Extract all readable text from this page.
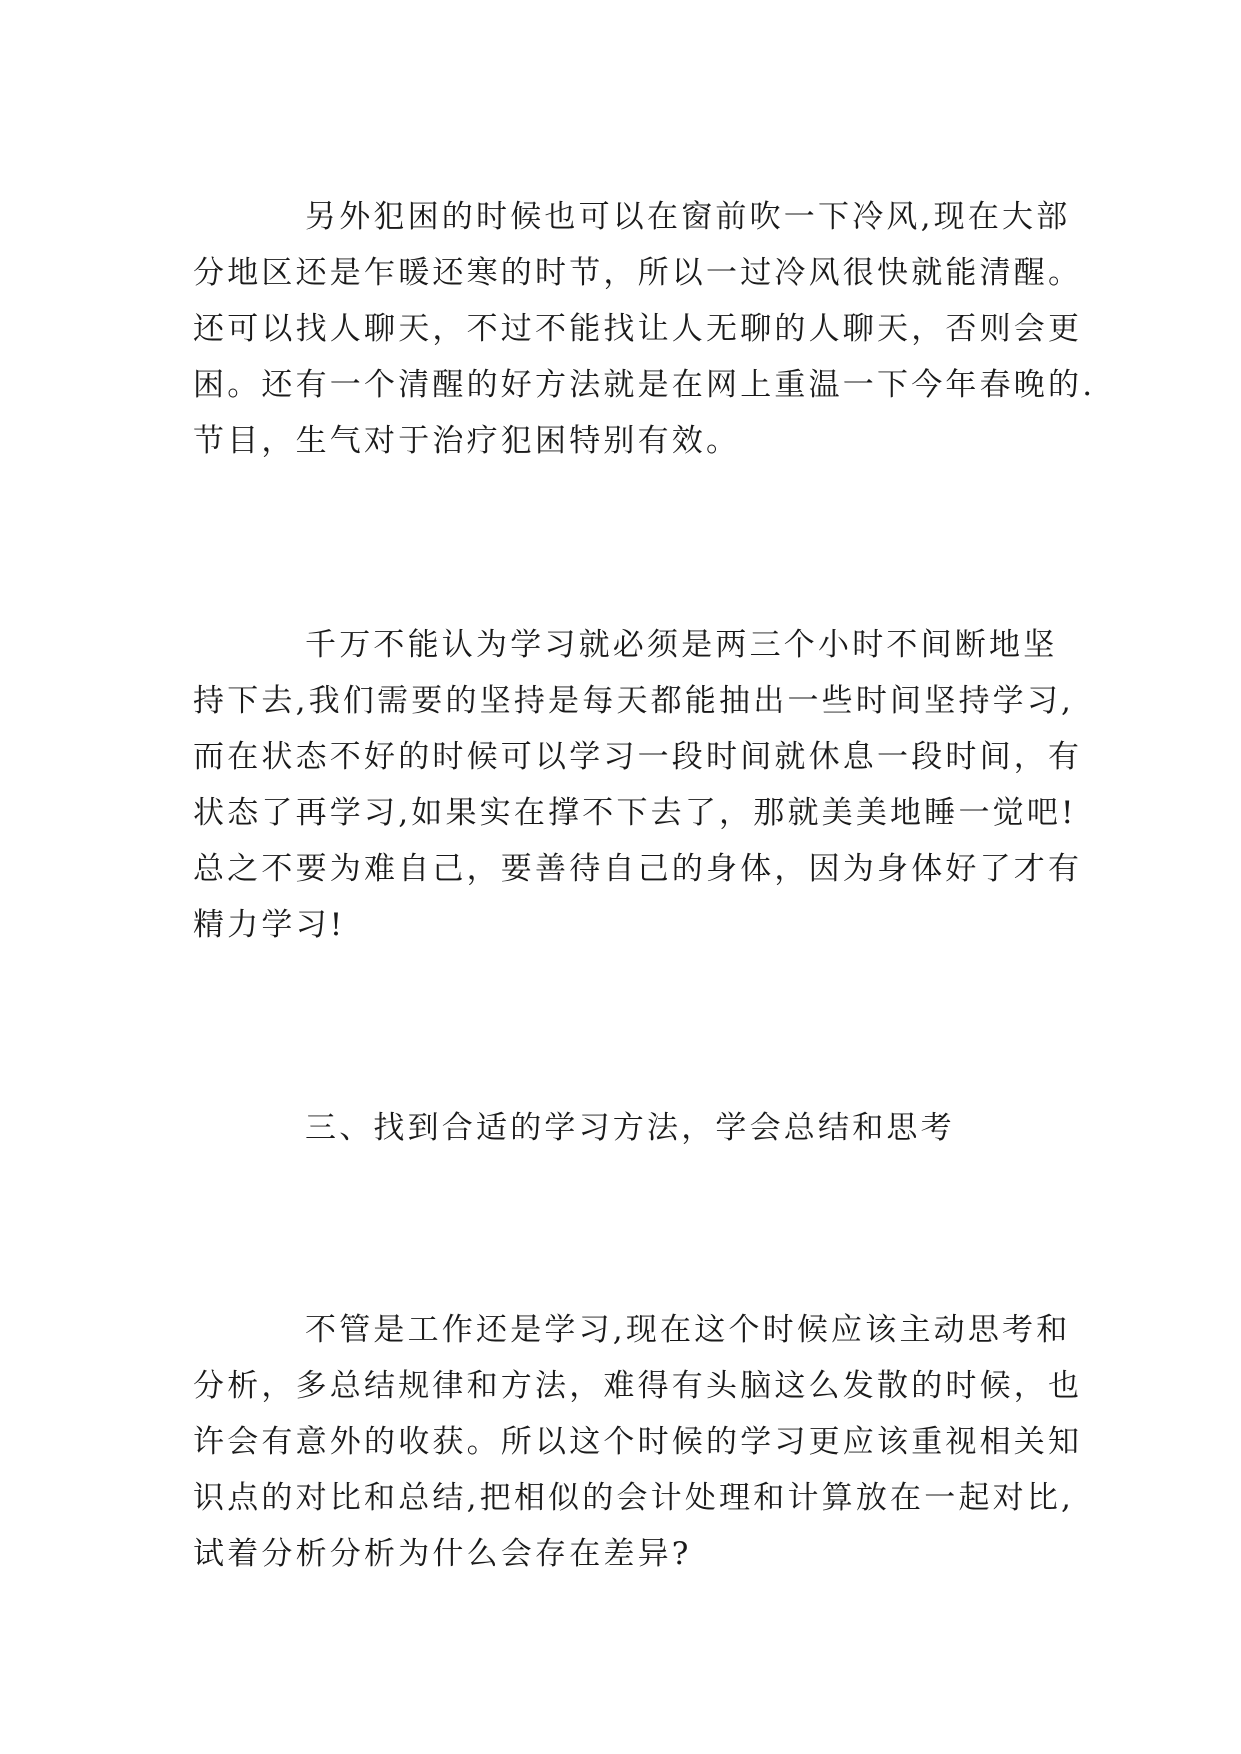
另外犯困的时候也可以在窗前吹一下冷风,现在大部
分地区还是乍暖还寒的时节，所以一过冷风很快就能清醒。
还可以找人聊天，不过不能找让人无聊的人聊天，否则会更
困。还有一个清醒的好方法就是在网上重温一下今年春晚的.
节目，生气对于治疗犯困特别有效。
千万不能认为学习就必须是两三个小时不间断地坚
持下去,我们需要的坚持是每天都能抽出一些时间坚持学习,
而在状态不好的时候可以学习一段时间就休息一段时间，有
状态了再学习,如果实在撑不下去了，那就美美地睡一觉吧!
总之不要为难自己，要善待自己的身体，因为身体好了才有
精力学习!
三、找到合适的学习方法，学会总结和思考
不管是工作还是学习,现在这个时候应该主动思考和
分析，多总结规律和方法，难得有头脑这么发散的时候，也
许会有意外的收获。所以这个时候的学习更应该重视相关知
识点的对比和总结,把相似的会计处理和计算放在一起对比,
试着分析分析为什么会存在差异?
